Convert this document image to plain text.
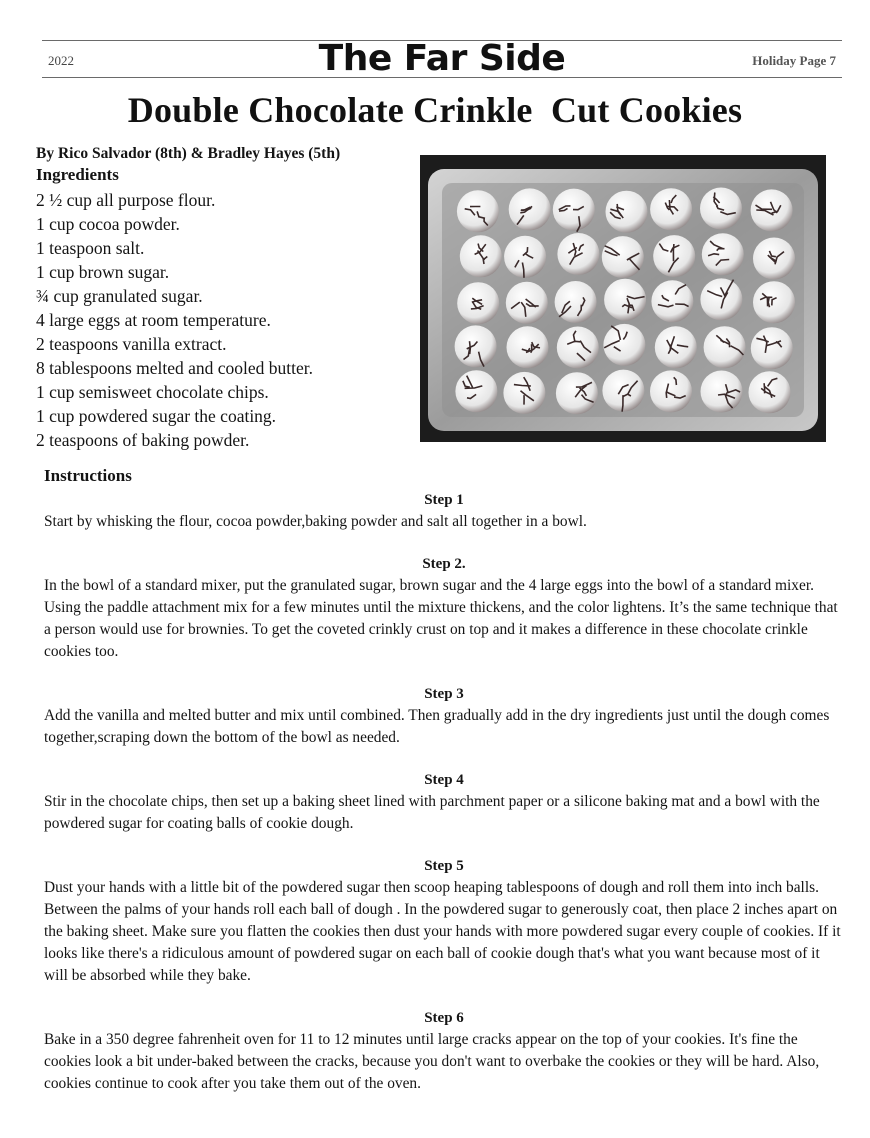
2022	The Far Side	Holiday Page 7
Double Chocolate Crinkle  Cut Cookies
By Rico Salvador (8th) & Bradley Hayes (5th)
Ingredients
2 ½ cup all purpose flour.
1 cup cocoa powder.
1 teaspoon salt.
1 cup brown sugar.
¾ cup granulated sugar.
4 large eggs at room temperature.
2 teaspoons vanilla extract.
8 tablespoons melted and cooled butter.
1 cup semisweet chocolate chips.
1 cup powdered sugar the coating.
2 teaspoons of baking powder.
Instructions
Step 1

Start by whisking the flour, cocoa powder,baking powder and salt all together in a bowl.

Step 2.

In the bowl of a standard mixer, put the granulated sugar, brown sugar and the 4 large eggs into the bowl of a standard mixer. Using the paddle attachment mix for a few minutes until the mixture thickens, and the color lightens. It’s the same technique that a person would use for brownies. To get the coveted crinkly crust on top and it makes a difference in these chocolate crinkle cookies too.

Step 3

Add the vanilla and melted butter and mix until combined. Then gradually add in the dry ingredients just until the dough comes together,scraping down the bottom of the bowl as needed.

Step 4

Stir in the chocolate chips, then set up a baking sheet lined with parchment paper or a silicone baking mat and a bowl with the powdered sugar for coating balls of cookie dough.

Step 5

Dust your hands with a little bit of the powdered sugar then scoop heaping tablespoons of dough and roll them into inch balls. Between the palms of your hands roll each ball of dough . In the powdered sugar to generously coat, then place 2 inches apart on the baking sheet. Make sure you flatten the cookies then dust your hands with more powdered sugar every couple of cookies. If it looks like there's a ridiculous amount of powdered sugar on each ball of cookie dough that's what you want because most of it will be absorbed while they bake.

Step 6

Bake in a 350 degree fahrenheit oven for 11 to 12 minutes until large cracks appear on the top of your cookies. It's fine the cookies look a bit under-baked between the cracks, because you don't want to overbake the cookies or they will be hard. Also, cookies continue to cook after you take them out of the oven.
